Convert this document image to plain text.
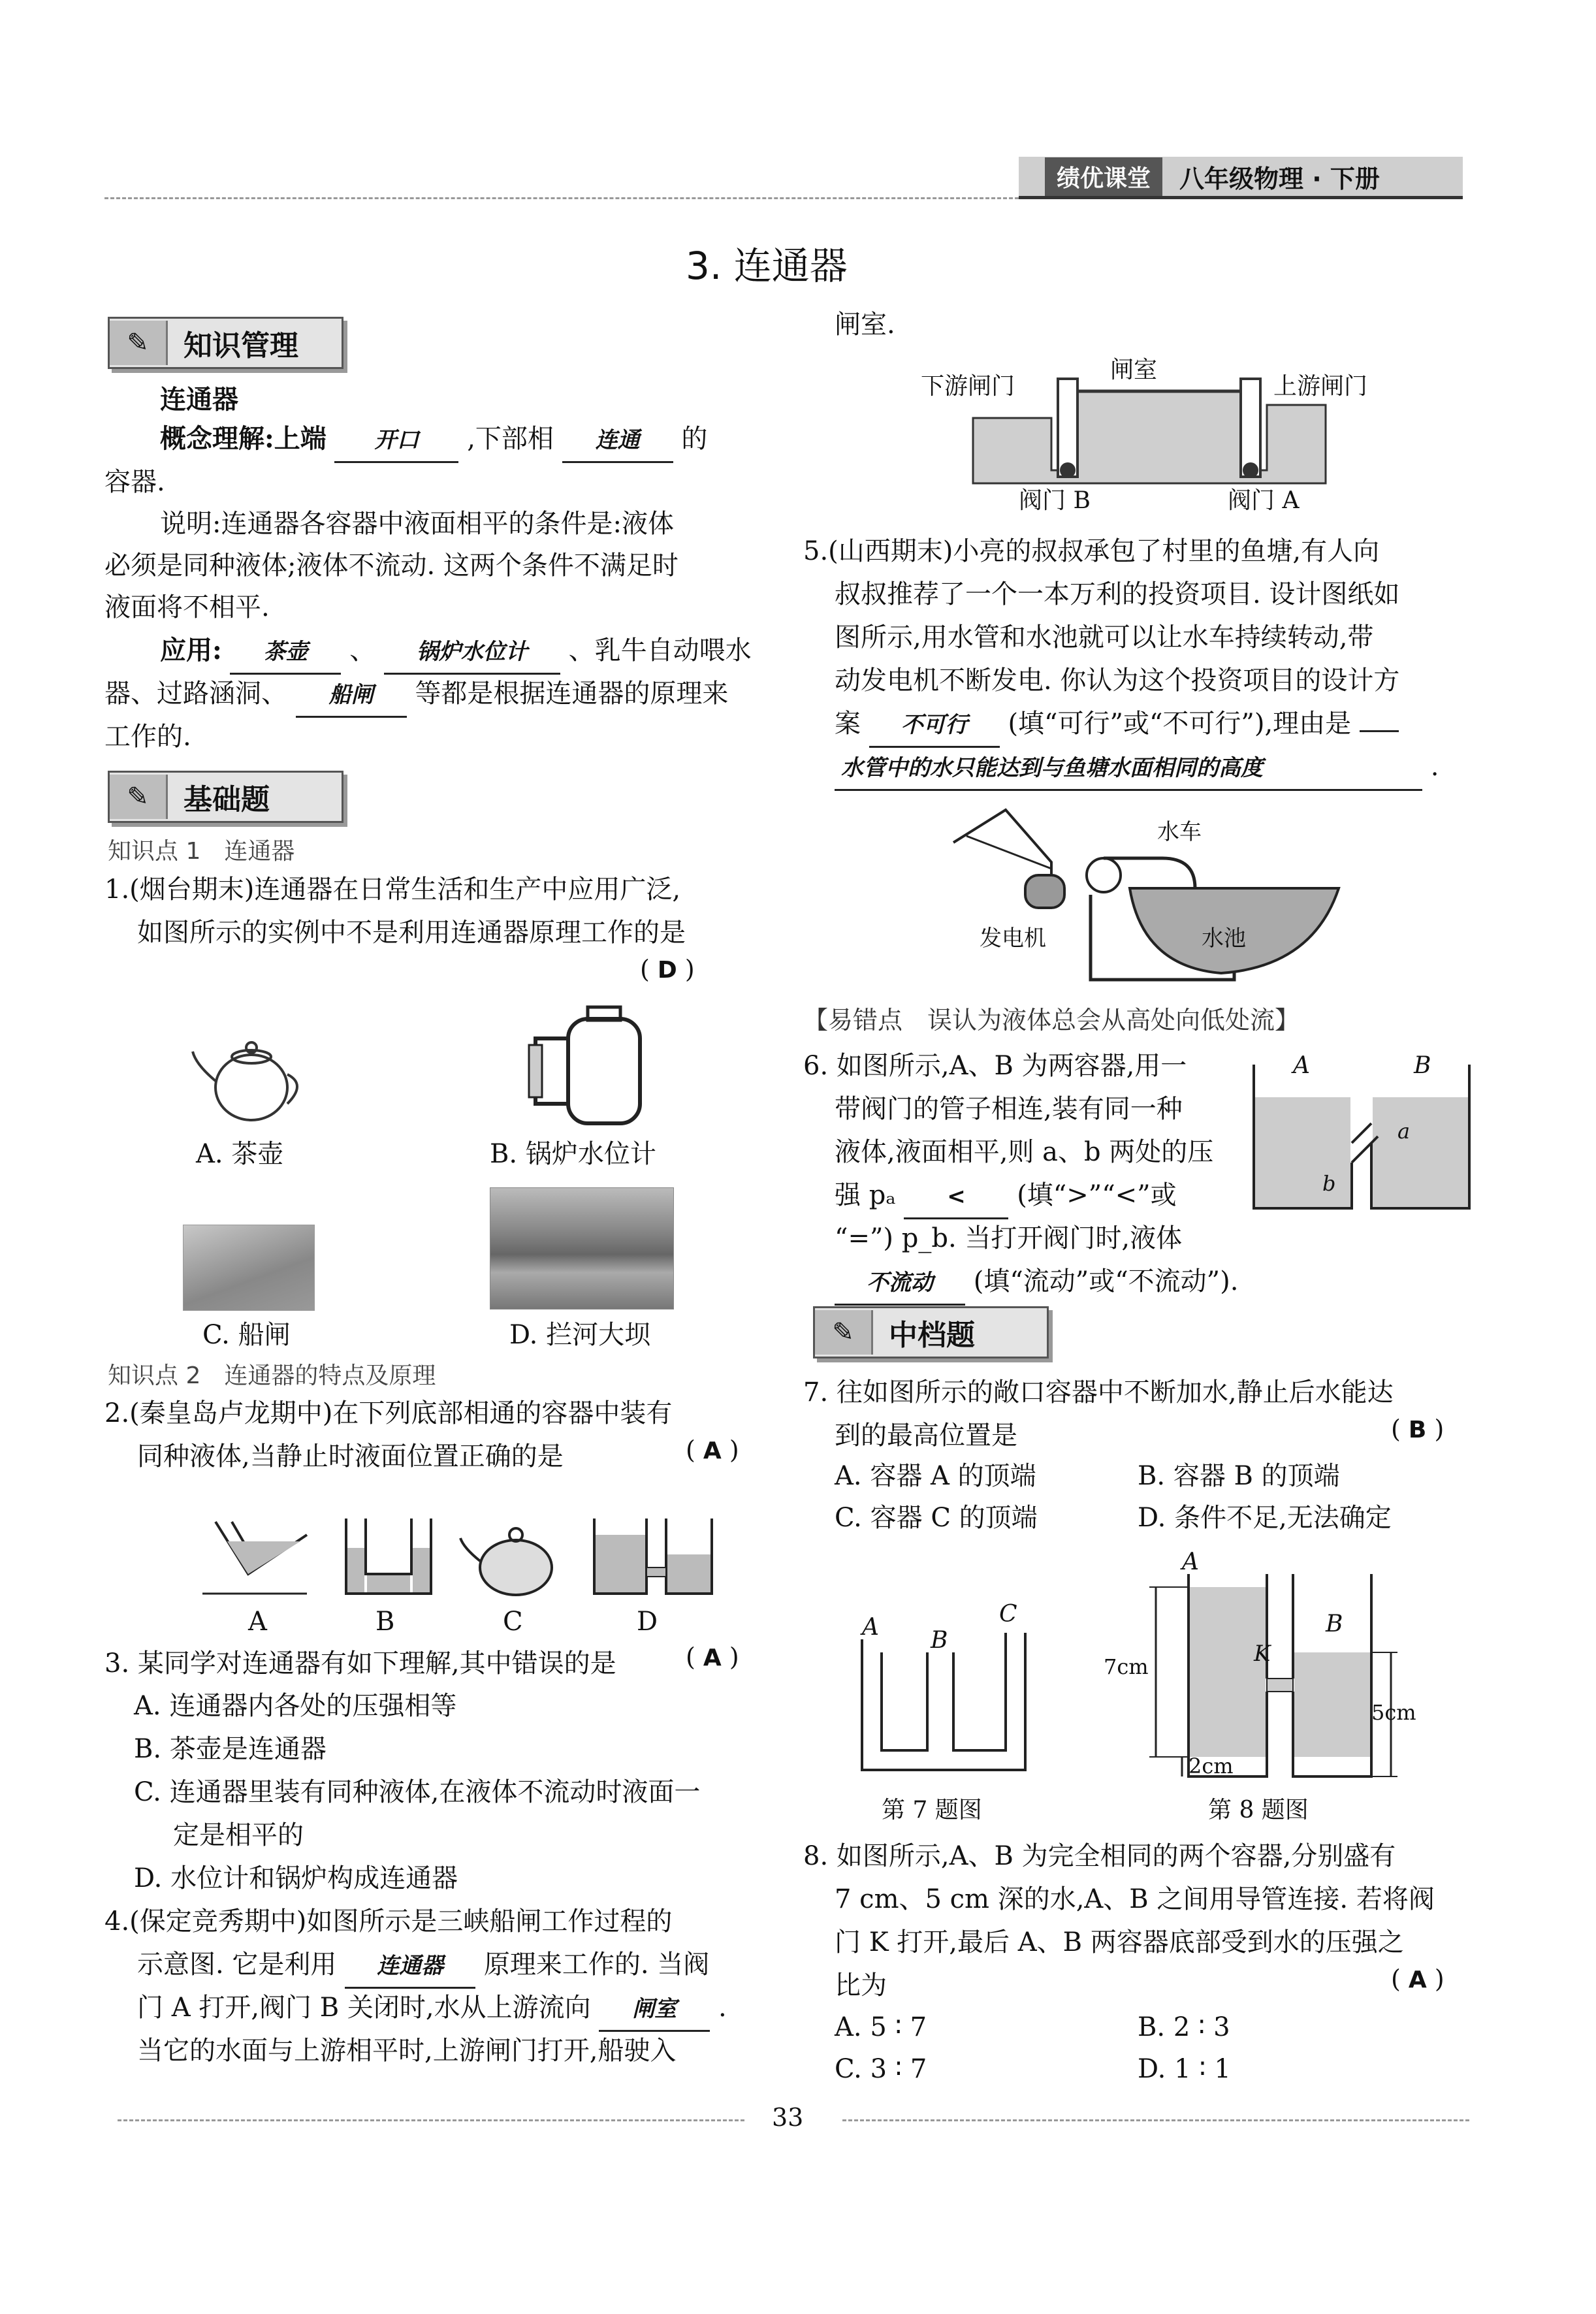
绩优课堂	八年级物理 · 下册
3. 连通器
✎	知识管理
连通器
概念理解:上端 开口 ,下部相 连通 的
容器.
说明:连通器各容器中液面相平的条件是:液体
必须是同种液体;液体不流动. 这两个条件不满足时
液面将不相平.
应用: 茶壶 、 锅炉水位计 、乳牛自动喂水
器、过路涵洞、 船闸 等都是根据连通器的原理来
工作的.
✎	基础题
知识点 1　连通器
1.(烟台期末)连通器在日常生活和生产中应用广泛,
如图所示的实例中不是利用连通器原理工作的是
( D )
A. 茶壶	B. 锅炉水位计
C. 船闸	D. 拦河大坝
知识点 2　连通器的特点及原理
2.(秦皇岛卢龙期中)在下列底部相通的容器中装有
同种液体,当静止时液面位置正确的是	( A )
A	B	C	D
3. 某同学对连通器有如下理解,其中错误的是	( A )
A. 连通器内各处的压强相等
B. 茶壶是连通器
C. 连通器里装有同种液体,在液体不流动时液面一
定是相平的
D. 水位计和锅炉构成连通器
4.(保定竞秀期中)如图所示是三峡船闸工作过程的
示意图. 它是利用 连通器 原理来工作的. 当阀
门 A 打开,阀门 B 关闭时,水从上游流向 闸室 .
当它的水面与上游相平时,上游闸门打开,船驶入
闸室.
下游闸门
闸室
上游闸门
阀门 B	阀门 A
5.(山西期末)小亮的叔叔承包了村里的鱼塘,有人向
叔叔推荐了一个一本万利的投资项目. 设计图纸如
图所示,用水管和水池就可以让水车持续转动,带
动发电机不断发电. 你认为这个投资项目的设计方
案 不可行 (填“可行”或“不可行”),理由是
水管中的水只能达到与鱼塘水面相同的高度	.
水车
发电机	水池
【易错点　误认为液体总会从高处向低处流】
6. 如图所示,A、B 为两容器,用一
带阀门的管子相连,装有同一种
液体,液面相平,则 a、b 两处的压
强 pₐ < (填“>”“<”或
“=”) p_b. 当打开阀门时,液体
不流动 (填“流动”或“不流动”).
A	B
a
b
✎	中档题
7. 往如图所示的敞口容器中不断加水,静止后水能达
到的最高位置是	( B )
A. 容器 A 的顶端	B. 容器 B 的顶端
C. 容器 C 的顶端	D. 条件不足,无法确定
A B
C
第 7 题图
A
B
K
7cm
5cm
2cm
第 8 题图
8. 如图所示,A、B 为完全相同的两个容器,分别盛有
7 cm、5 cm 深的水,A、B 之间用导管连接. 若将阀
门 K 打开,最后 A、B 两容器底部受到水的压强之
比为	( A )
A. 5 ∶ 7	B. 2 ∶ 3
C. 3 ∶ 7	D. 1 ∶ 1
33
